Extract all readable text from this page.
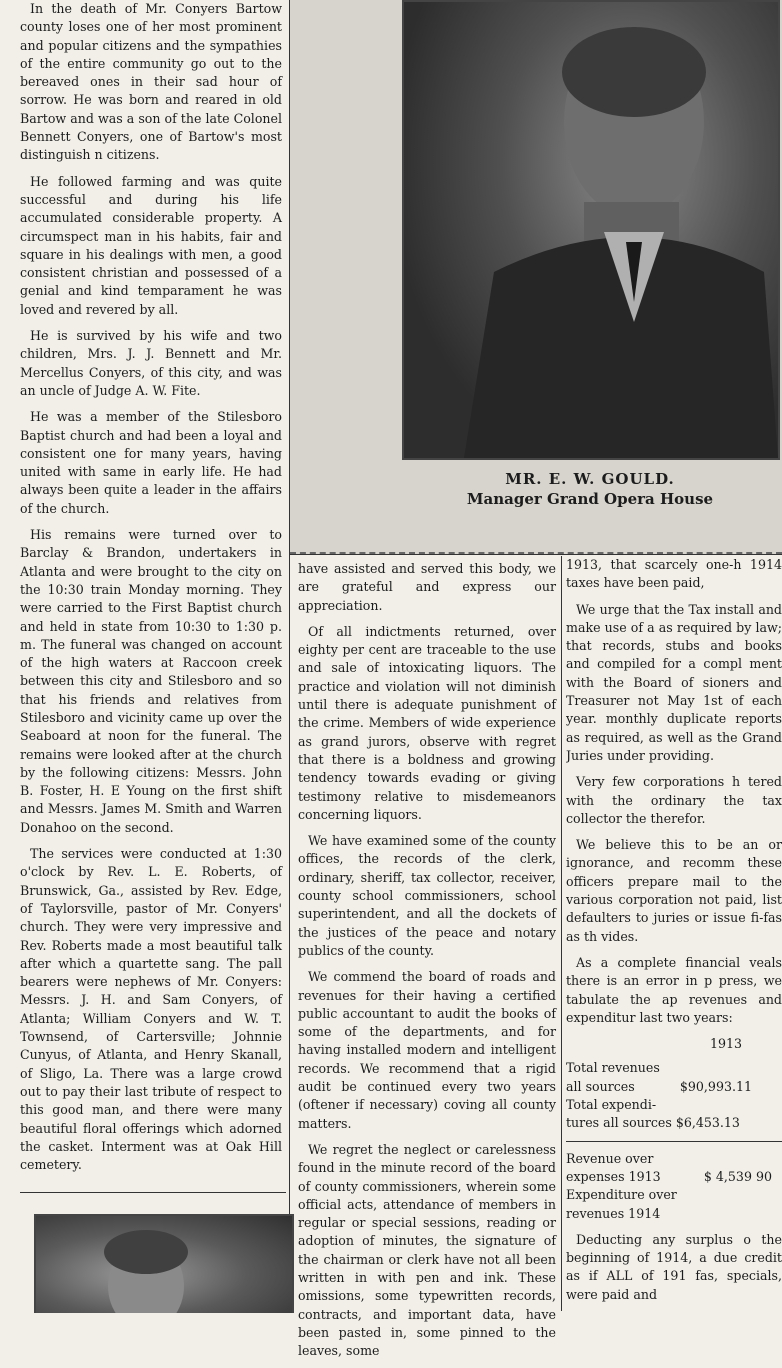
In the death of Mr. Conyers Bartow county loses one of her most prominent and popular citizens and the sympathies of the entire community go out to the bereaved ones in their sad hour of sorrow. He was born and reared in old Bartow and was a son of the late Colonel Bennett Conyers, one of Bartow's most distinguish n citizens.

He followed farming and was quite successful and during his life accumulated considerable property. A circumspect man in his habits, fair and square in his dealings with men, a good consistent christian and possessed of a genial and kind temparament he was loved and revered by all.

He is survived by his wife and two children, Mrs. J. J. Bennett and Mr. Mercellus Conyers, of this city, and was an uncle of Judge A. W. Fite.

He was a member of the Stilesboro Baptist church and had been a loyal and consistent one for many years, having united with same in early life. He had always been quite a leader in the affairs of the church.

His remains were turned over to Barclay & Brandon, undertakers in Atlanta and were brought to the city on the 10:30 train Monday morning. They were carried to the First Baptist church and held in state from 10:30 to 1:30 p. m. The funeral was changed on account of the high waters at Raccoon creek between this city and Stilesboro and so that his friends and relatives from Stilesboro and vicinity came up over the Seaboard at noon for the funeral. The remains were looked after at the church by the following citizens: Messrs. John B. Foster, H. E Young on the first shift and Messrs. James M. Smith and Warren Donahoo on the second.

The services were conducted at 1:30 o'clock by Rev. L. E. Roberts, of Brunswick, Ga., assisted by Rev. Edge, of Taylorsville, pastor of Mr. Conyers' church. They were very impressive and Rev. Roberts made a most beautiful talk after which a quartette sang. The pall bearers were nephews of Mr. Conyers: Messrs. J. H. and Sam Conyers, of Atlanta; William Conyers and W. T. Townsend, of Cartersville; Johnnie Cunyus, of Atlanta, and Henry Skanall, of Sligo, La. There was a large crowd out to pay their last tribute of respect to this good man, and there were many beautiful floral offerings which adorned the casket. Interment was at Oak Hill cemetery.

MR. E. W. GOULD.
Manager Grand Opera House

have assisted and served this body, we are grateful and express our appreciation.

Of all indictments returned, over eighty per cent are traceable to the use and sale of intoxicating liquors. The practice and violation will not diminish until there is adequate punishment of the crime. Members of wide experience as grand jurors, observe with regret that there is a boldness and growing tendency towards evading or giving testimony relative to misdemeanors concerning liquors.

We have examined some of the county offices, the records of the clerk, ordinary, sheriff, tax collector, receiver, county school commissioners, school superintendent, and all the dockets of the justices of the peace and notary publics of the county.

We commend the board of roads and revenues for their having a certified public accountant to audit the books of some of the departments, and for having installed modern and intelligent records. We recommend that a rigid audit be continued every two years (oftener if necessary) coving all county matters.

We regret the neglect or carelessness found in the minute record of the board of county commissioners, wherein some official acts, attendance of members in regular or special sessions, reading or adoption of minutes, the signature of the chairman or clerk have not all been written in with pen and ink. These omissions, some typewritten records, contracts, and important data, have been pasted in, some pinned to the leaves, some

1913, that scarcely one-h 1914 taxes have been paid,

We urge that the Tax install and make use of a as required by law; that records, stubs and books and compiled for a compl ment with the Board of sioners and Treasurer not May 1st of each year. monthly duplicate reports as required, as well as the Grand Juries under providing.

Very few corporations h tered with the ordinary the tax collector the therefor.

We believe this to be an or ignorance, and recomm these officers prepare mail to the various corporation not paid, list defaulters to juries or issue fi-fas as th vides.

As a complete financial veals there is an error in p press, we tabulate the ap revenues and expenditur last two years:

1913
Total revenues
all sources	$90,993.11
Total expendi-
tures all sources $6,453.13
Revenue over
expenses 1913	$ 4,539 90
Expenditure over
revenues 1914

Deducting any surplus o the beginning of 1914, a due credit as if ALL of 191 fas, specials, were paid and
